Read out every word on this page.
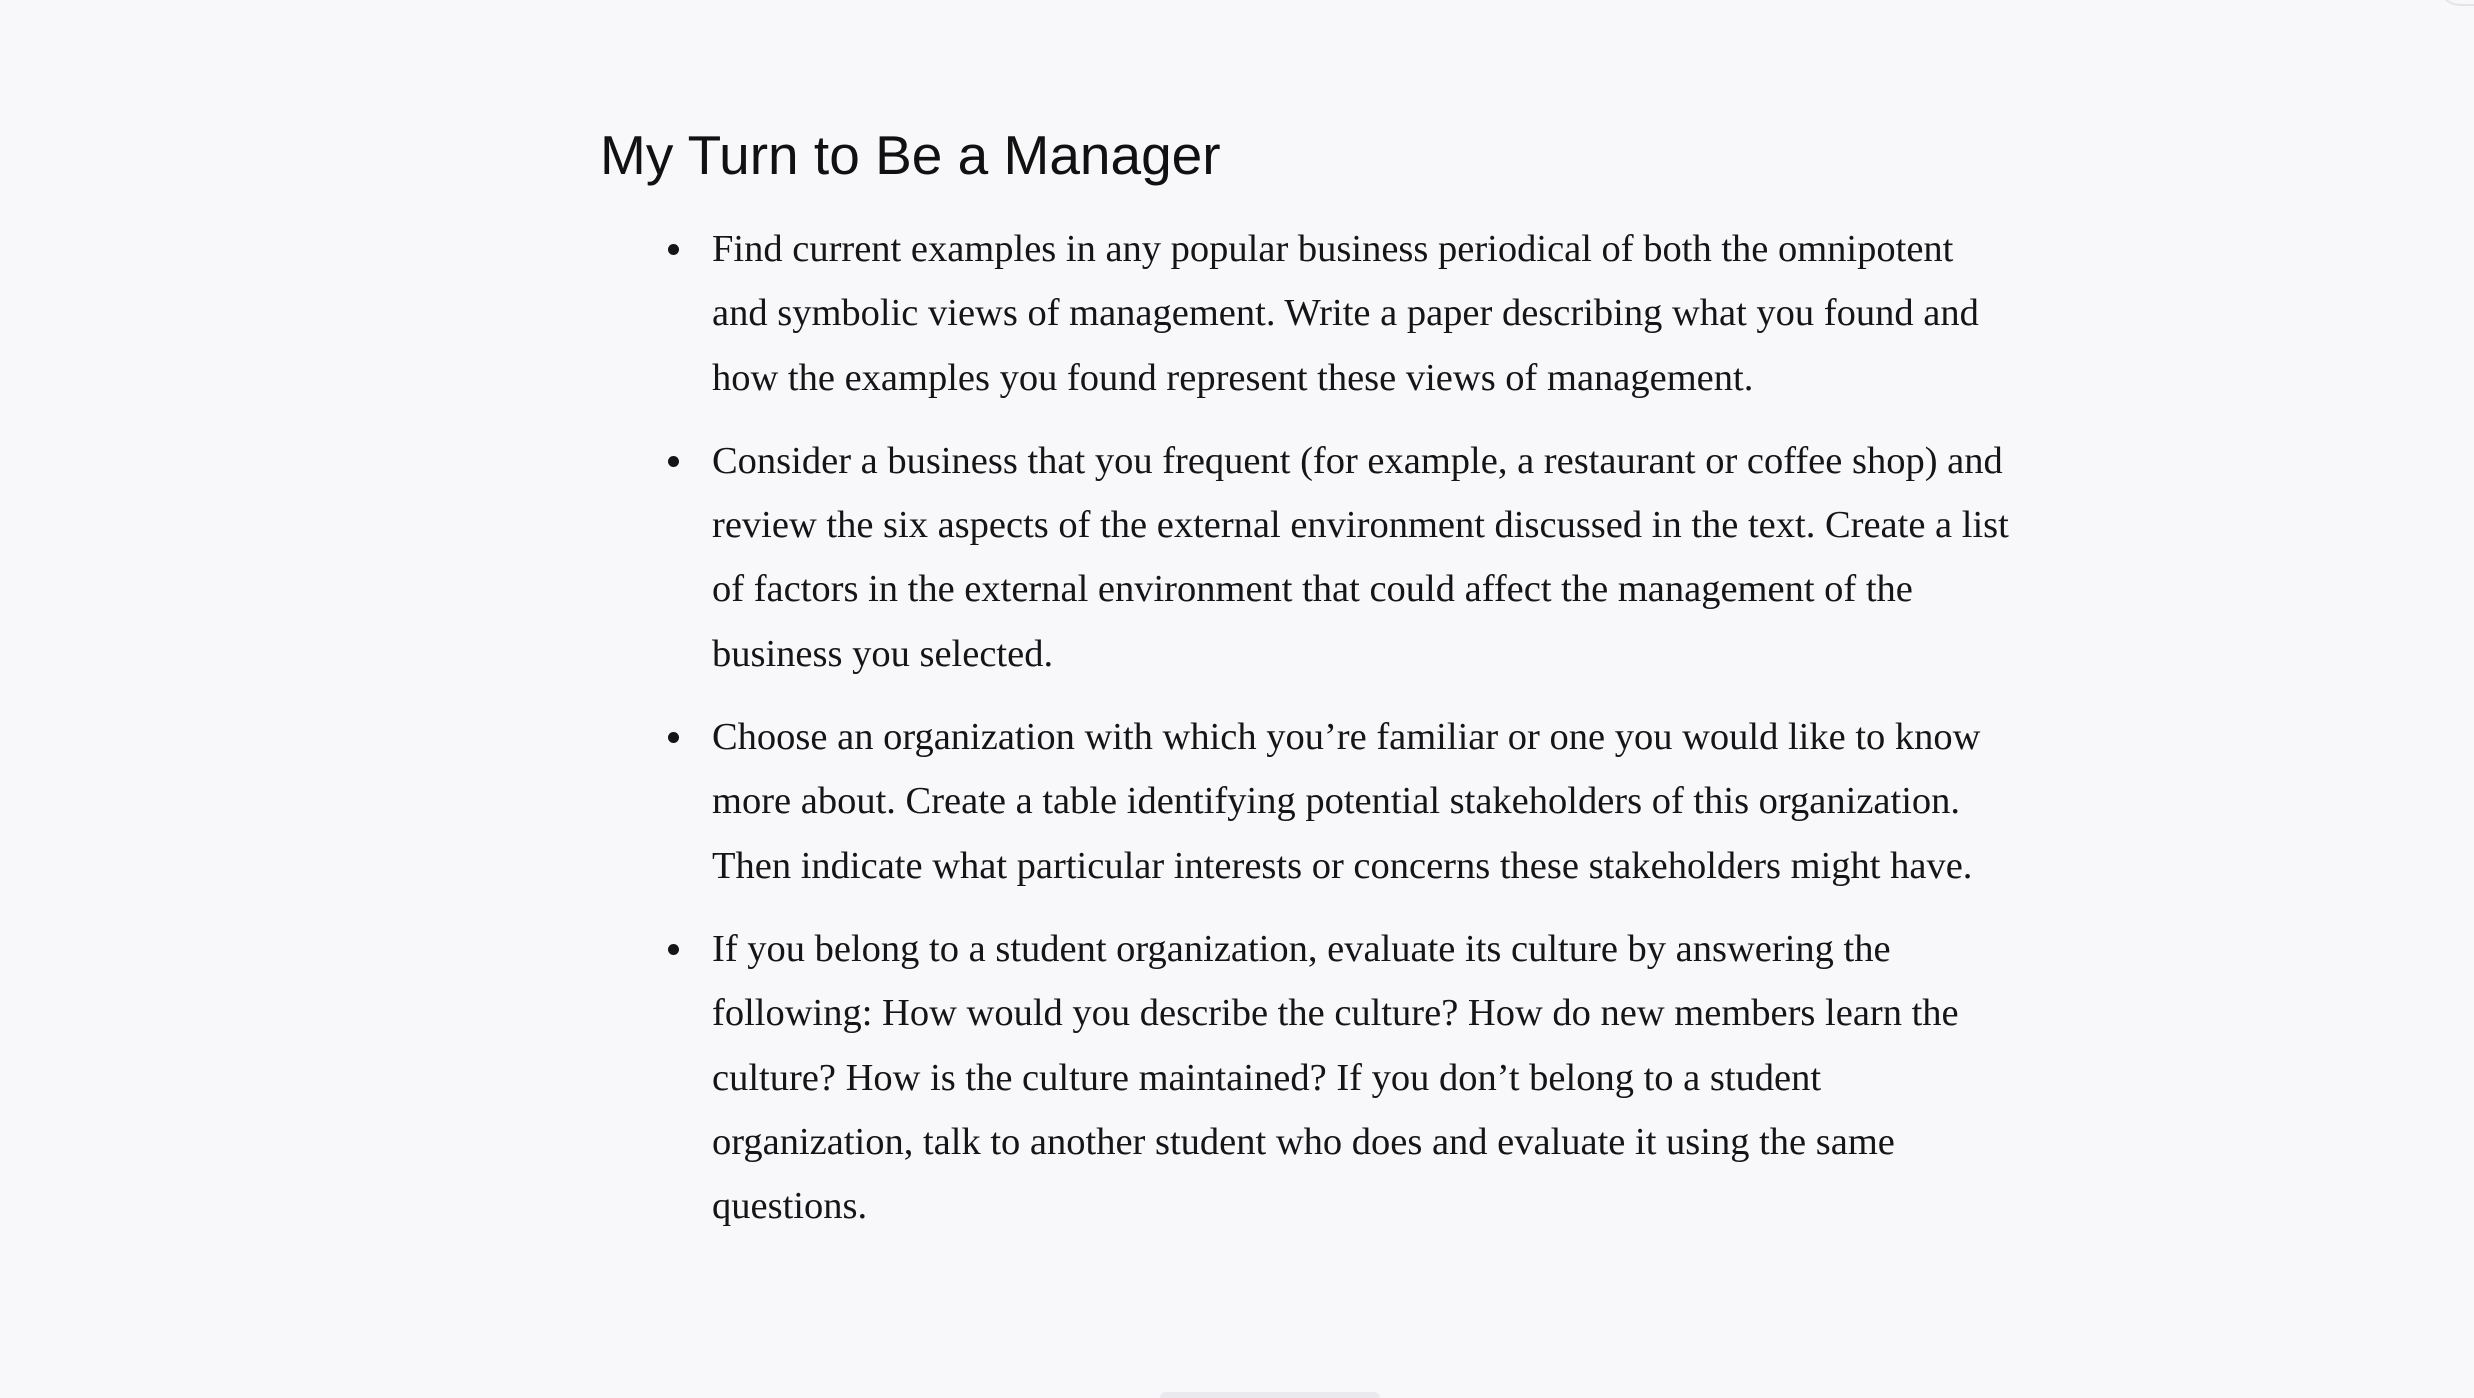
My Turn to Be a Manager
Find current examples in any popular business periodical of both the omnipotent and symbolic views of management. Write a paper describing what you found and how the examples you found represent these views of management.
Consider a business that you frequent (for example, a restaurant or coffee shop) and review the six aspects of the external environment discussed in the text. Create a list of factors in the external environment that could affect the management of the business you selected.
Choose an organization with which you’re familiar or one you would like to know more about. Create a table identifying potential stakeholders of this organization. Then indicate what particular interests or concerns these stakeholders might have.
If you belong to a student organization, evaluate its culture by answering the following: How would you describe the culture? How do new members learn the culture? How is the culture maintained? If you don’t belong to a student organization, talk to another student who does and evaluate it using the same questions.
